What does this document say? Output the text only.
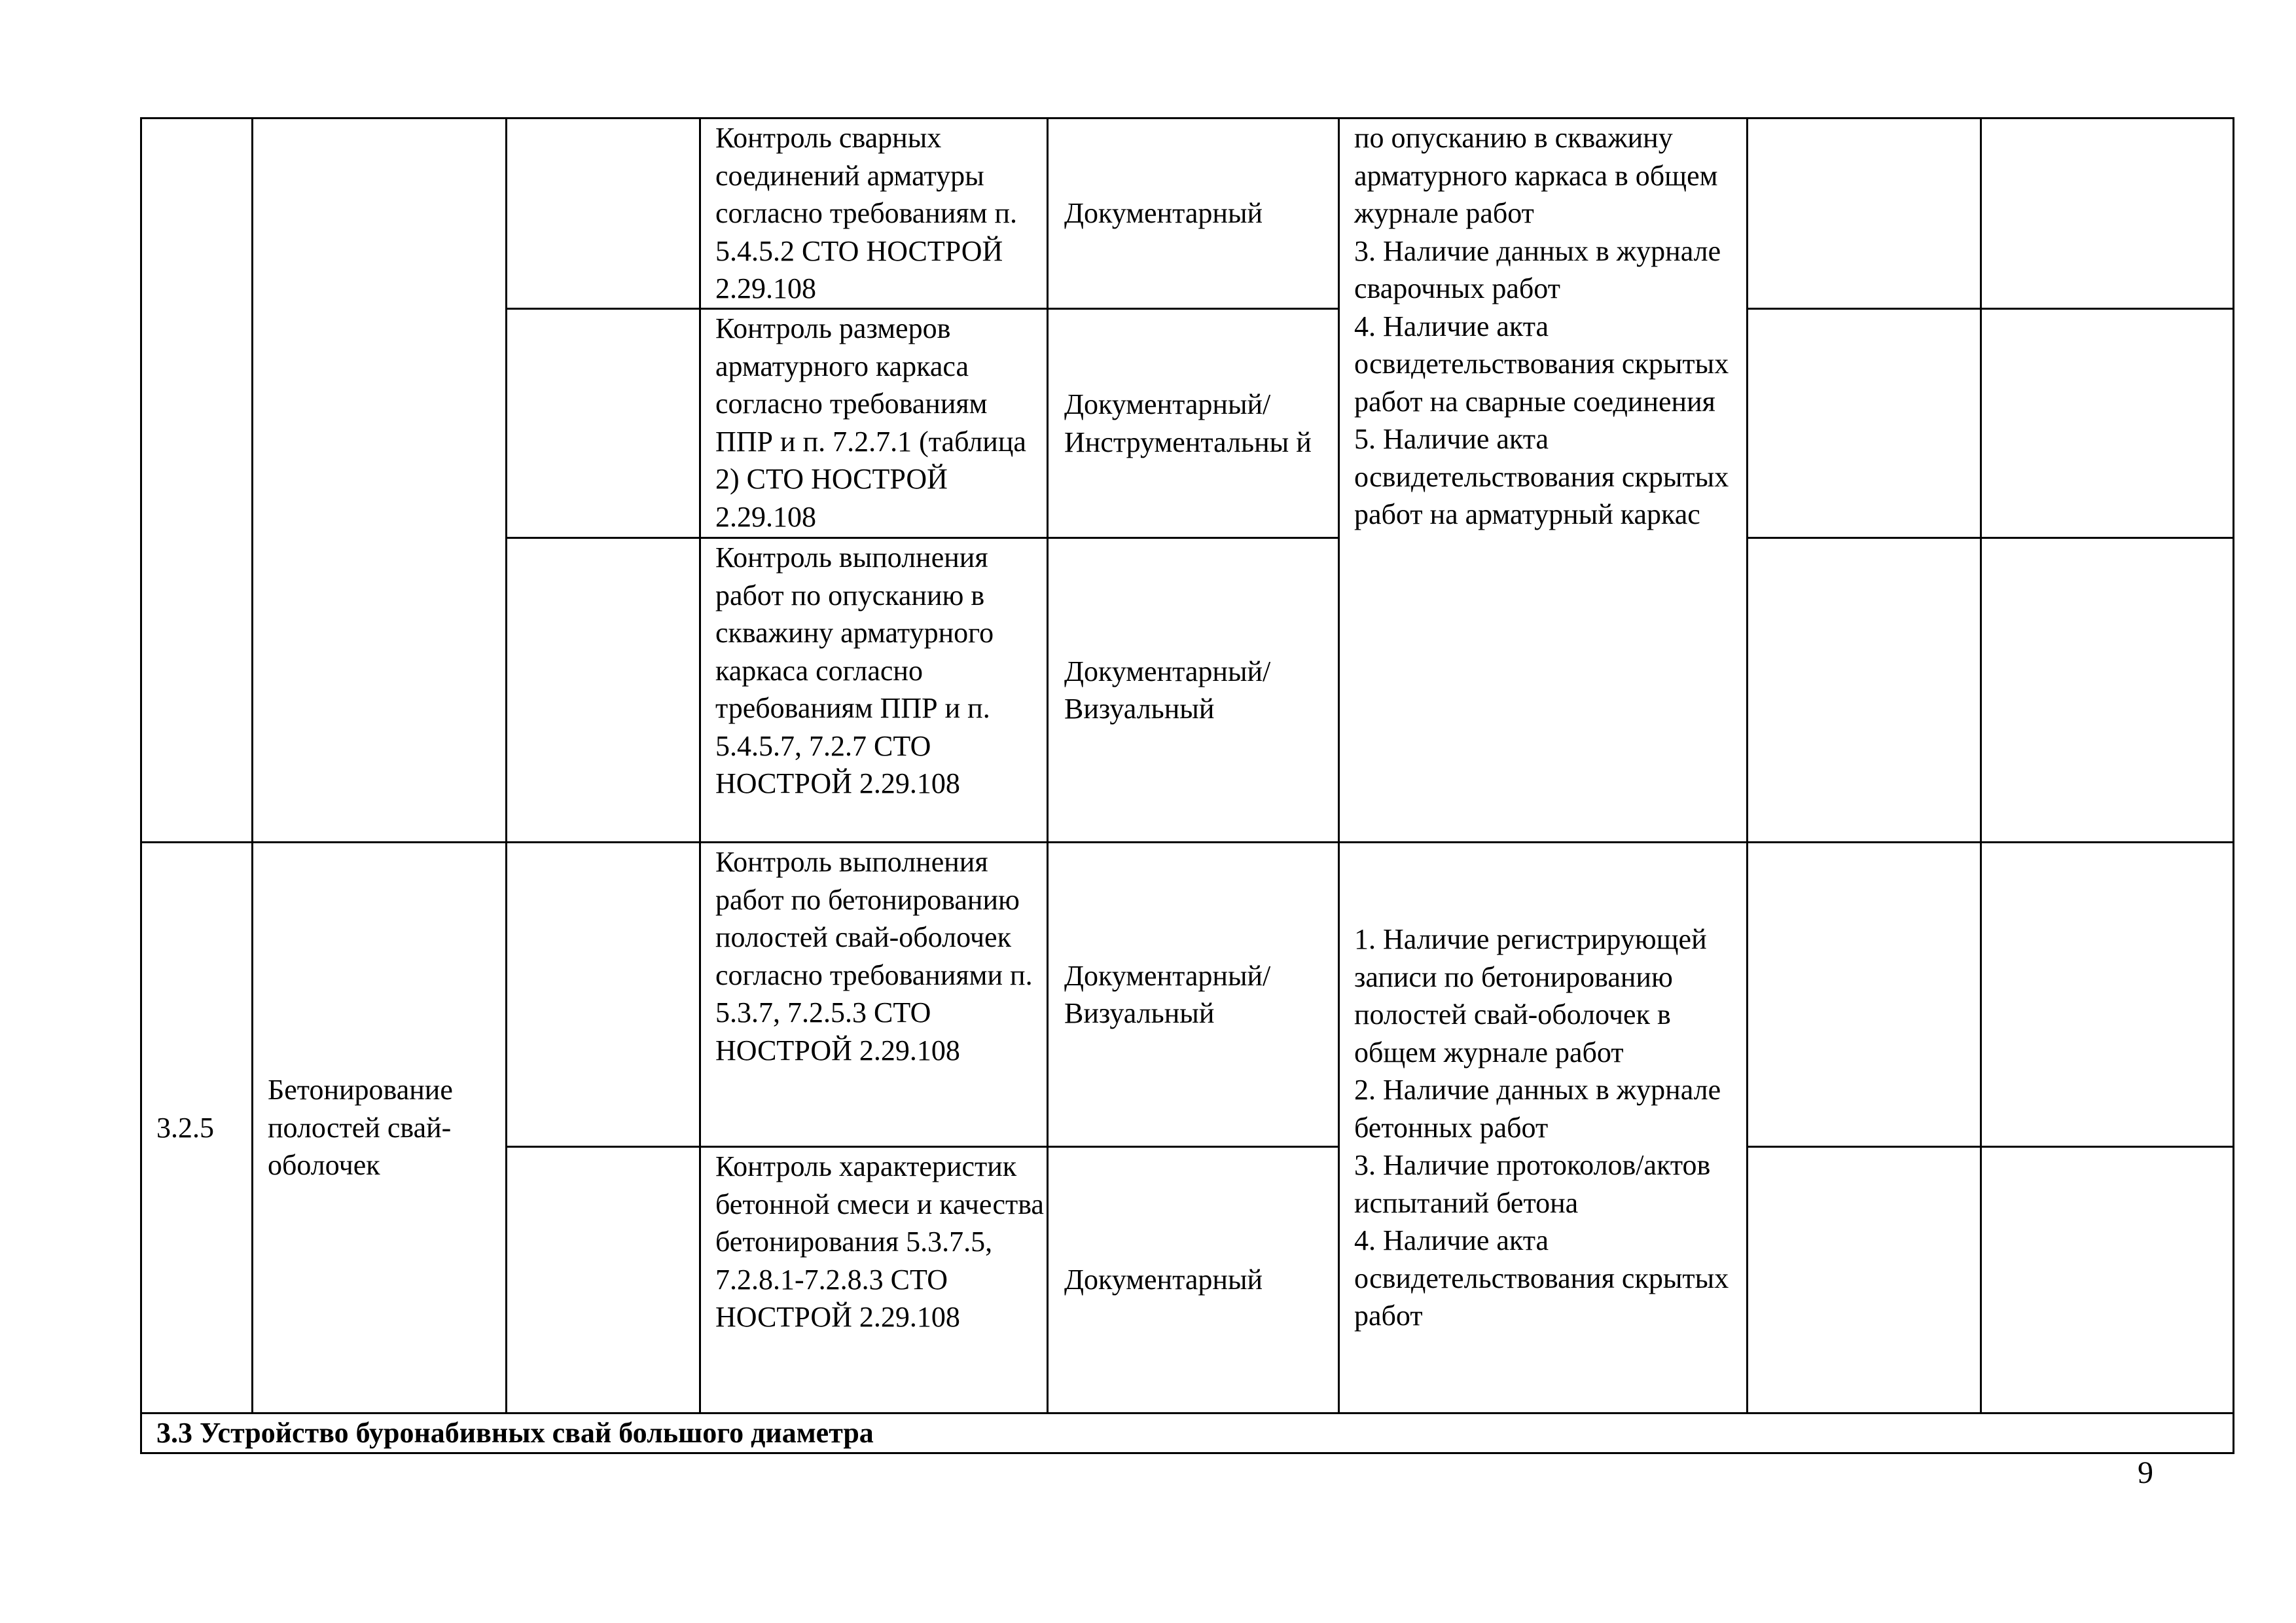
			Контроль сварных соединений арматуры согласно требованиям п. 5.4.5.2 СТО НОСТРОЙ 2.29.108	Документарный	по опусканию в скважину арматурного каркаса в общем журнале работ
3. Наличие данных в журнале сварочных работ
4. Наличие акта освидетельствования скрытых работ на сварные соединения
5. Наличие акта освидетельствования скрытых работ на арматурный каркас		

			Контроль размеров арматурного каркаса согласно требованиям ППР и п. 7.2.7.1 (таблица 2) СТО НОСТРОЙ 2.29.108	Документарный/ Инструментальны й			

			Контроль выполнения работ по опусканию в скважину арматурного каркаса согласно требованиям ППР и п. 5.4.5.7, 7.2.7 СТО НОСТРОЙ 2.29.108	Документарный/ Визуальный			

3.2.5	Бетонирование полостей свай-оболочек		Контроль выполнения работ по бетонированию полостей свай-оболочек согласно требованиями п. 5.3.7, 7.2.5.3 СТО НОСТРОЙ 2.29.108	Документарный/ Визуальный	1. Наличие регистрирующей записи по бетонированию полостей свай-оболочек в общем журнале работ
2. Наличие данных в журнале бетонных работ
3. Наличие протоколов/актов испытаний бетона
4. Наличие акта освидетельствования скрытых работ		

			Контроль характеристик бетонной смеси и качества бетонирования 5.3.7.5, 7.2.8.1-7.2.8.3 СТО НОСТРОЙ 2.29.108	Документарный			

3.3 Устройство буронабивных свай большого диаметра							
9
